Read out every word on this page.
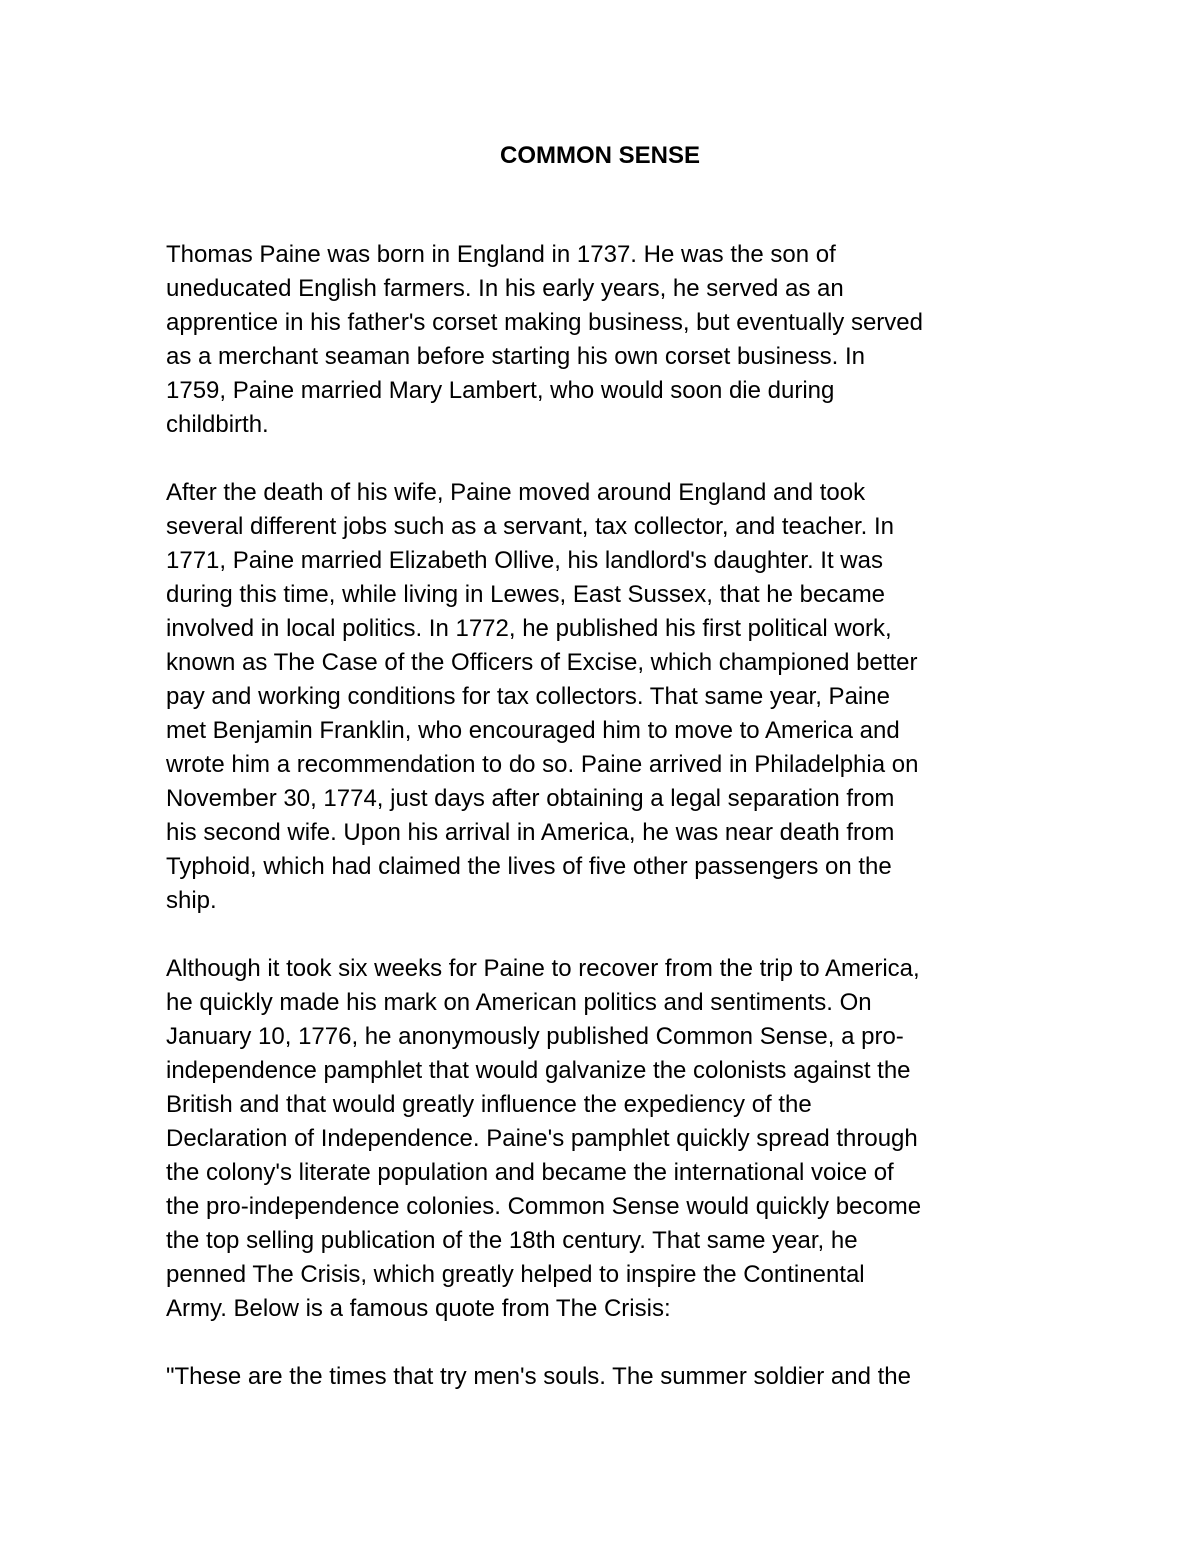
COMMON SENSE
Thomas Paine was born in England in 1737. He was the son of
uneducated English farmers. In his early years, he served as an
apprentice in his father's corset making business, but eventually served
as a merchant seaman before starting his own corset business. In
1759, Paine married Mary Lambert, who would soon die during
childbirth.
After the death of his wife, Paine moved around England and took
several different jobs such as a servant, tax collector, and teacher. In
1771, Paine married Elizabeth Ollive, his landlord's daughter. It was
during this time, while living in Lewes, East Sussex, that he became
involved in local politics. In 1772, he published his first political work,
known as The Case of the Officers of Excise, which championed better
pay and working conditions for tax collectors. That same year, Paine
met Benjamin Franklin, who encouraged him to move to America and
wrote him a recommendation to do so. Paine arrived in Philadelphia on
November 30, 1774, just days after obtaining a legal separation from
his second wife. Upon his arrival in America, he was near death from
Typhoid, which had claimed the lives of five other passengers on the
ship.
Although it took six weeks for Paine to recover from the trip to America,
he quickly made his mark on American politics and sentiments. On
January 10, 1776, he anonymously published Common Sense, a pro-
independence pamphlet that would galvanize the colonists against the
British and that would greatly influence the expediency of the
Declaration of Independence. Paine's pamphlet quickly spread through
the colony's literate population and became the international voice of
the pro-independence colonies. Common Sense would quickly become
the top selling publication of the 18th century. That same year, he
penned The Crisis, which greatly helped to inspire the Continental
Army. Below is a famous quote from The Crisis:
"These are the times that try men's souls. The summer soldier and the
